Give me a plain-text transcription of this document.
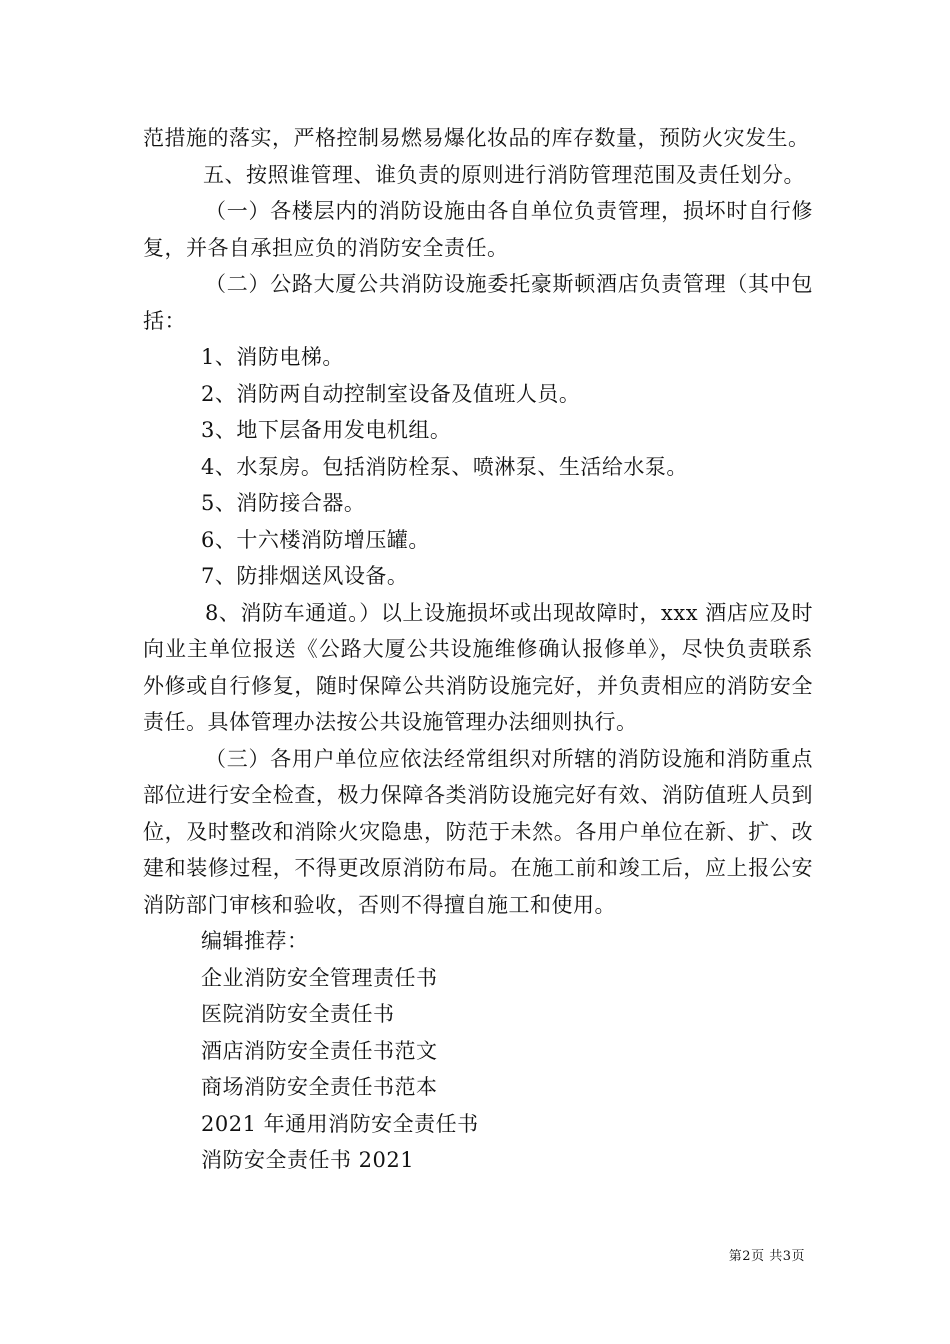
范措施的落实，严格控制易燃易爆化妆品的库存数量，预防火灾发生。

五、按照谁管理、谁负责的原则进行消防管理范围及责任划分。

（一）各楼层内的消防设施由各自单位负责管理，损坏时自行修复，并各自承担应负的消防安全责任。

（二）公路大厦公共消防设施委托豪斯顿酒店负责管理（其中包括：

1、消防电梯。

2、消防两自动控制室设备及值班人员。

3、地下层备用发电机组。

4、水泵房。包括消防栓泵、喷淋泵、生活给水泵。

5、消防接合器。

6、十六楼消防增压罐。

7、防排烟送风设备。

8、消防车通道。）以上设施损坏或出现故障时，xxx 酒店应及时向业主单位报送《公路大厦公共设施维修确认报修单》，尽快负责联系外修或自行修复，随时保障公共消防设施完好，并负责相应的消防安全责任。具体管理办法按公共设施管理办法细则执行。

（三）各用户单位应依法经常组织对所辖的消防设施和消防重点部位进行安全检查，极力保障各类消防设施完好有效、消防值班人员到位，及时整改和消除火灾隐患，防范于未然。各用户单位在新、扩、改建和装修过程，不得更改原消防布局。在施工前和竣工后，应上报公安消防部门审核和验收，否则不得擅自施工和使用。

编辑推荐：

企业消防安全管理责任书

医院消防安全责任书

酒店消防安全责任书范文

商场消防安全责任书范本

2021 年通用消防安全责任书

消防安全责任书 2021

第2页 共3页
